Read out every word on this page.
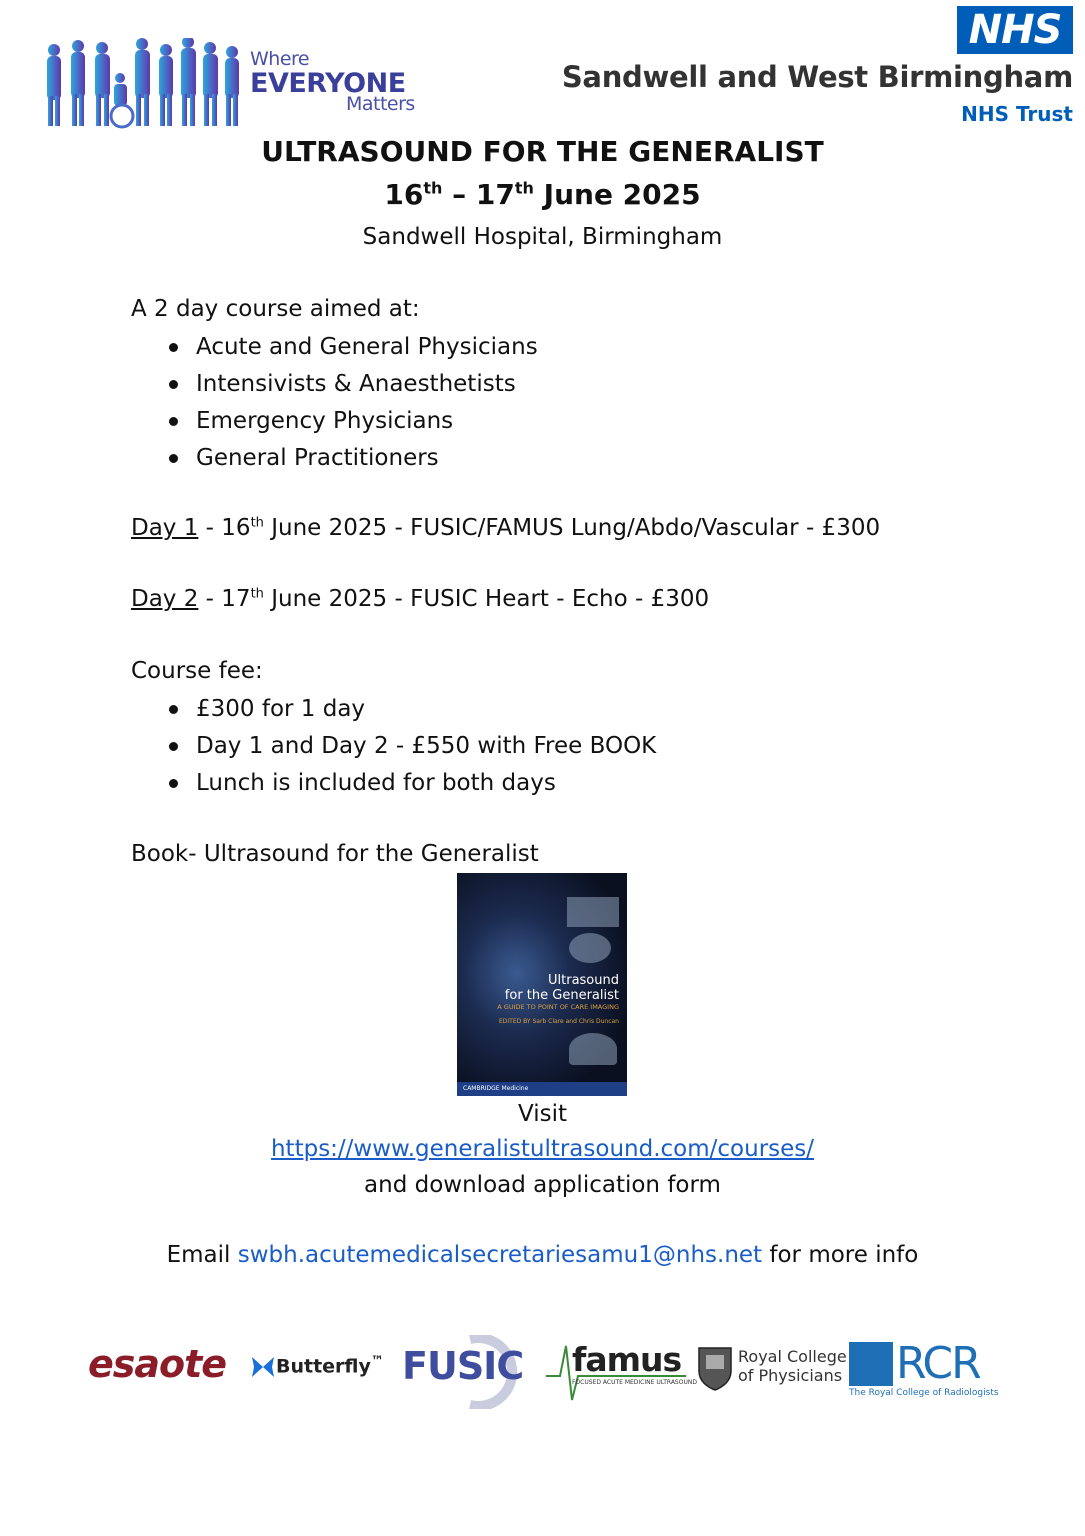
Where
EVERYONE
Matters
NHS
Sandwell and West Birmingham
NHS Trust
ULTRASOUND FOR THE GENERALIST
16th – 17th June 2025
Sandwell Hospital, Birmingham
A 2 day course aimed at:
Acute and General Physicians
Intensivists & Anaesthetists
Emergency Physicians
General Practitioners
Day 1 - 16th June 2025 - FUSIC/FAMUS Lung/Abdo/Vascular - £300
Day 2 - 17th June 2025 - FUSIC Heart - Echo - £300
Course fee:
£300 for 1 day
Day 1 and Day 2 - £550 with Free BOOK
Lunch is included for both days
Book- Ultrasound for the Generalist
Ultrasound
for the Generalist
A GUIDE TO POINT OF CARE IMAGING
EDITED BY Sarb Clare and Chris Duncan
CAMBRIDGE Medicine
Visit
https://www.generalistultrasound.com/courses/
and download application form
Email swbh.acutemedicalsecretariesamu1@nhs.net for more info
esaote	Butterfly™ FUSIC famus
FOCUSED ACUTE MEDICINE ULTRASOUND
Royal College
of Physicians RCR
The Royal College of Radiologists
